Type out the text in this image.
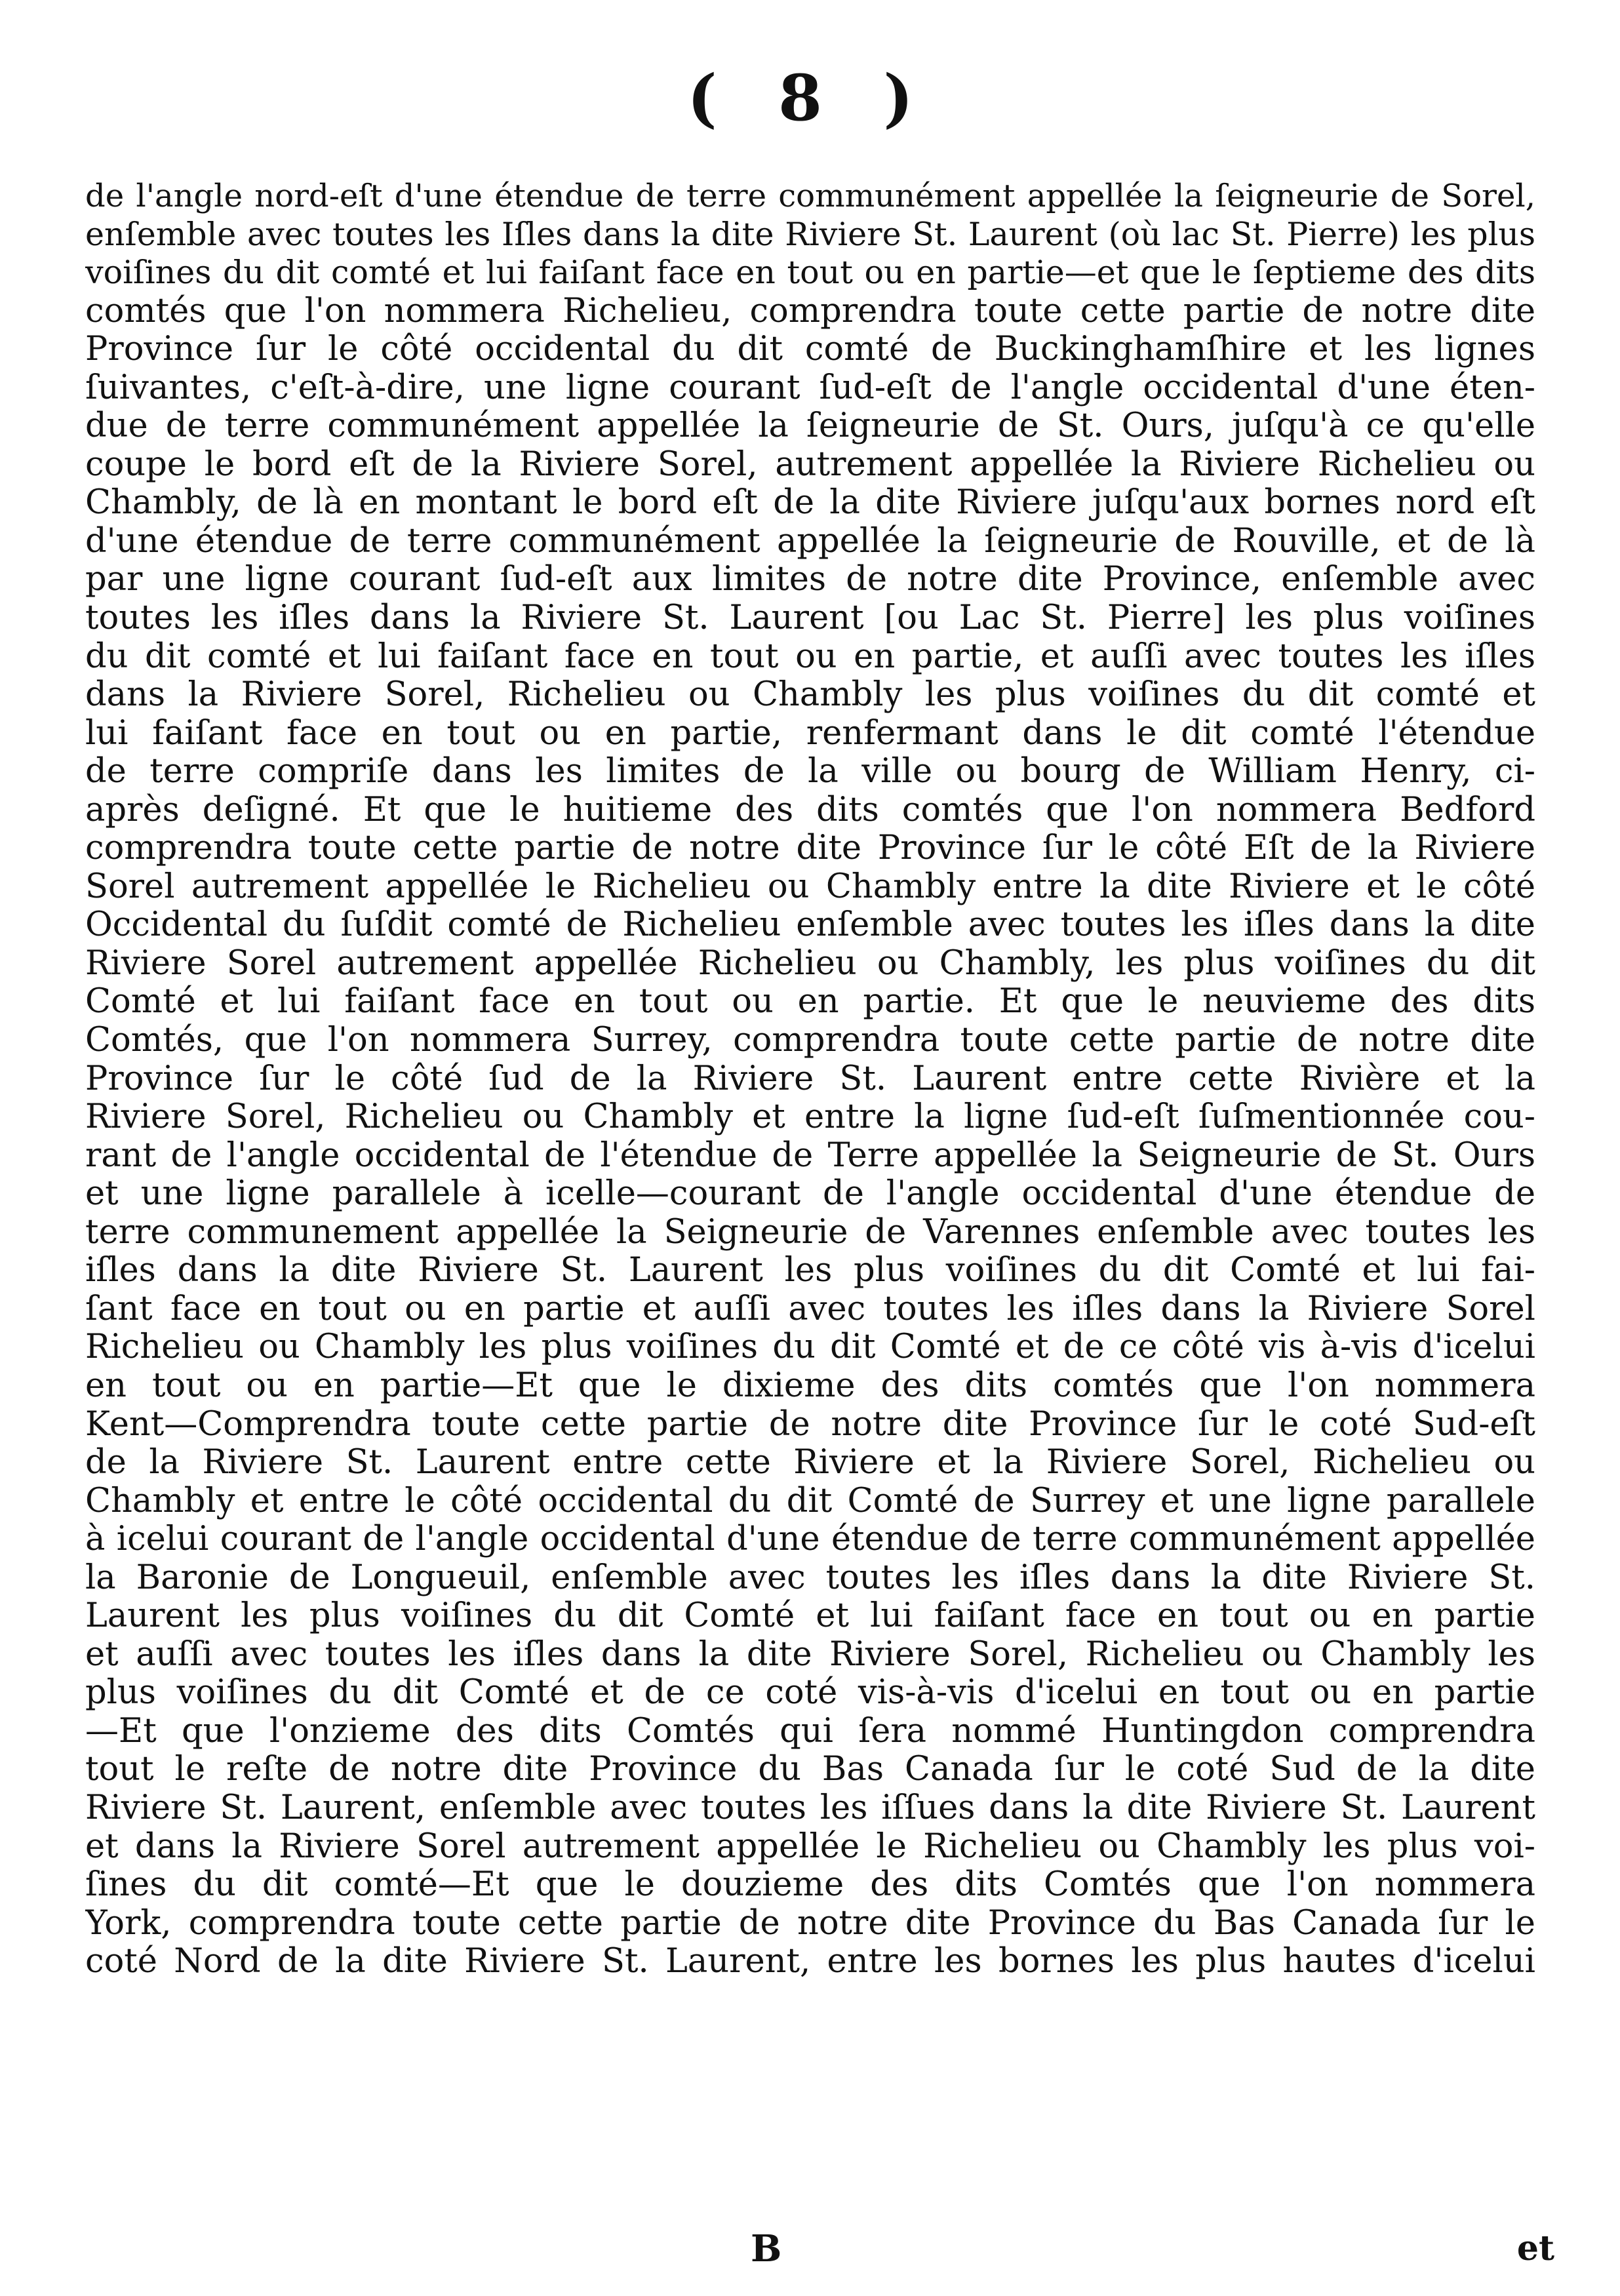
( 8 )
de l'angle nord-eſt d'une étendue de terre communément appellée la ſeigneurie de Sorel,
enſemble avec toutes les Iſles dans la dite Riviere St. Laurent (où lac St. Pierre) les plus
voiſines du dit comté et lui faiſant face en tout ou en partie—et que le ſeptieme des dits
comtés que l'on nommera Richelieu, comprendra toute cette partie de notre dite
Province ſur le côté occidental du dit comté de Buckinghamſhire et les lignes
ſuivantes, c'eſt-à-dire, une ligne courant ſud-eſt de l'angle occidental d'une éten-
due de terre communément appellée la ſeigneurie de St. Ours, juſqu'à ce qu'elle
coupe le bord eſt de la Riviere Sorel, autrement appellée la Riviere Richelieu ou
Chambly, de là en montant le bord eſt de la dite Riviere juſqu'aux bornes nord eſt
d'une étendue de terre communément appellée la ſeigneurie de Rouville, et de là
par une ligne courant ſud-eſt aux limites de notre dite Province, enſemble avec
toutes les iſles dans la Riviere St. Laurent [ou Lac St. Pierre] les plus voiſines
du dit comté et lui faiſant face en tout ou en partie, et auſſi avec toutes les iſles
dans la Riviere Sorel, Richelieu ou Chambly les plus voiſines du dit comté et
lui faiſant face en tout ou en partie, renfermant dans le dit comté l'étendue
de terre compriſe dans les limites de la ville ou bourg de William Henry, ci-
après deſigné. Et que le huitieme des dits comtés que l'on nommera Bedford
comprendra toute cette partie de notre dite Province ſur le côté Eſt de la Riviere
Sorel autrement appellée le Richelieu ou Chambly entre la dite Riviere et le côté
Occidental du ſuſdit comté de Richelieu enſemble avec toutes les iſles dans la dite
Riviere Sorel autrement appellée Richelieu ou Chambly, les plus voiſines du dit
Comté et lui faiſant face en tout ou en partie. Et que le neuvieme des dits
Comtés, que l'on nommera Surrey, comprendra toute cette partie de notre dite
Province ſur le côté ſud de la Riviere St. Laurent entre cette Rivière et la
Riviere Sorel, Richelieu ou Chambly et entre la ligne ſud-eſt ſuſmentionnée cou-
rant de l'angle occidental de l'étendue de Terre appellée la Seigneurie de St. Ours
et une ligne parallele à icelle—courant de l'angle occidental d'une étendue de
terre communement appellée la Seigneurie de Varennes enſemble avec toutes les
iſles dans la dite Riviere St. Laurent les plus voiſines du dit Comté et lui fai-
ſant face en tout ou en partie et auſſi avec toutes les iſles dans la Riviere Sorel
Richelieu ou Chambly les plus voiſines du dit Comté et de ce côté vis à-vis d'icelui
en tout ou en partie—Et que le dixieme des dits comtés que l'on nommera
Kent—Comprendra toute cette partie de notre dite Province ſur le coté Sud-eſt
de la Riviere St. Laurent entre cette Riviere et la Riviere Sorel, Richelieu ou
Chambly et entre le côté occidental du dit Comté de Surrey et une ligne parallele
à icelui courant de l'angle occidental d'une étendue de terre communément appellée
la Baronie de Longueuil, enſemble avec toutes les iſles dans la dite Riviere St.
Laurent les plus voiſines du dit Comté et lui faiſant face en tout ou en partie
et auſſi avec toutes les iſles dans la dite Riviere Sorel, Richelieu ou Chambly les
plus voiſines du dit Comté et de ce coté vis-à-vis d'icelui en tout ou en partie
—Et que l'onzieme des dits Comtés qui ſera nommé Huntingdon comprendra
tout le reſte de notre dite Province du Bas Canada ſur le coté Sud de la dite
Riviere St. Laurent, enſemble avec toutes les iſſues dans la dite Riviere St. Laurent
et dans la Riviere Sorel autrement appellée le Richelieu ou Chambly les plus voi-
ſines du dit comté—Et que le douzieme des dits Comtés que l'on nommera
York, comprendra toute cette partie de notre dite Province du Bas Canada ſur le
coté Nord de la dite Riviere St. Laurent, entre les bornes les plus hautes d'icelui
B	et
